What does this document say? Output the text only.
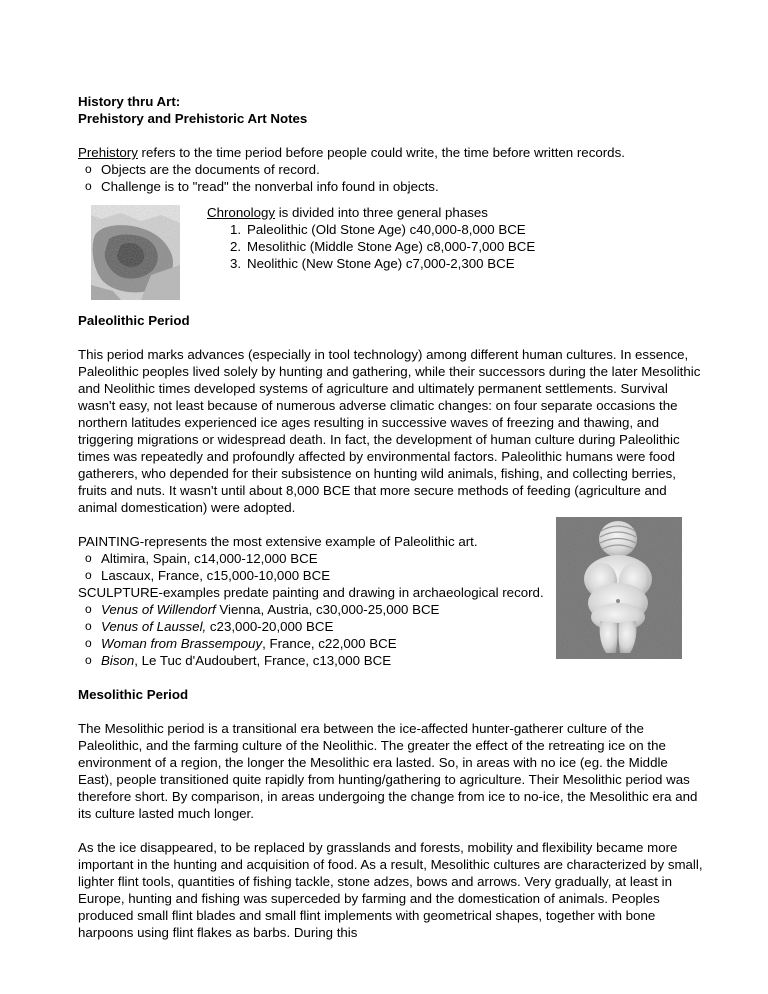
History thru Art:

Prehistory and Prehistoric Art Notes

Prehistory refers to the time period before people could write, the time before written records.

o Objects are the documents of record.
o Challenge is to "read" the nonverbal info found in objects.

Chronology is divided into three general phases

1. Paleolithic (Old Stone Age) c40,000-8,000 BCE
2. Mesolithic (Middle Stone Age) c8,000-7,000 BCE
3. Neolithic (New Stone Age) c7,000-2,300 BCE

Paleolithic Period

This period marks advances (especially in tool technology) among different human cultures. In essence, Paleolithic peoples lived solely by hunting and gathering, while their successors during the later Mesolithic and Neolithic times developed systems of agriculture and ultimately permanent settlements. Survival wasn't easy, not least because of numerous adverse climatic changes: on four separate occasions the northern latitudes experienced ice ages resulting in successive waves of freezing and thawing, and triggering migrations or widespread death. In fact, the development of human culture during Paleolithic times was repeatedly and profoundly affected by environmental factors. Paleolithic humans were food gatherers, who depended for their subsistence on hunting wild animals, fishing, and collecting berries, fruits and nuts. It wasn't until about 8,000 BCE that more secure methods of feeding (agriculture and animal domestication) were adopted.

PAINTING-represents the most extensive example of Paleolithic art.

o Altimira, Spain, c14,000-12,000 BCE
o Lascaux, France, c15,000-10,000 BCE

SCULPTURE-examples predate painting and drawing in archaeological record.

o Venus of Willendorf Vienna, Austria, c30,000-25,000 BCE
o Venus of Laussel, c23,000-20,000 BCE
o Woman from Brassempouy, France, c22,000 BCE
o Bison, Le Tuc d'Audoubert, France, c13,000 BCE

Mesolithic Period

The Mesolithic period is a transitional era between the ice-affected hunter-gatherer culture of the Paleolithic, and the farming culture of the Neolithic. The greater the effect of the retreating ice on the environment of a region, the longer the Mesolithic era lasted. So, in areas with no ice (eg. the Middle East), people transitioned quite rapidly from hunting/gathering to agriculture. Their Mesolithic period was therefore short. By comparison, in areas undergoing the change from ice to no-ice, the Mesolithic era and its culture lasted much longer.

As the ice disappeared, to be replaced by grasslands and forests, mobility and flexibility became more important in the hunting and acquisition of food. As a result, Mesolithic cultures are characterized by small, lighter flint tools, quantities of fishing tackle, stone adzes, bows and arrows. Very gradually, at least in Europe, hunting and fishing was superceded by farming and the domestication of animals. Peoples produced small flint blades and small flint implements with geometrical shapes, together with bone harpoons using flint flakes as barbs. During this
